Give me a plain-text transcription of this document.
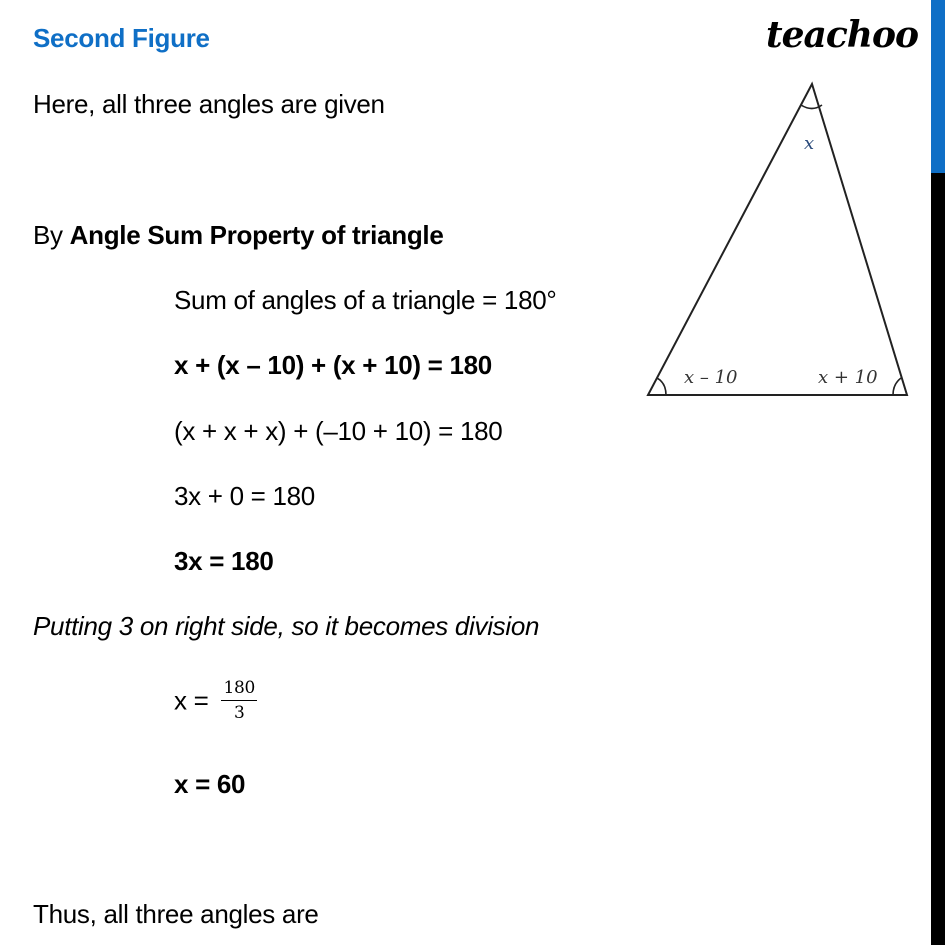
Second Figure	teachoo
Here, all three angles are given
By Angle Sum Property of triangle
Sum of angles of a triangle = 180°
x + (x – 10) + (x + 10) = 180
(x + x + x) + (–10 + 10) = 180
3x + 0 = 180
3x = 180
Putting 3 on right side, so it becomes division
$x = \frac{180}{3}$
x = 60
Thus, all three angles are
x
x – 10	x + 10
